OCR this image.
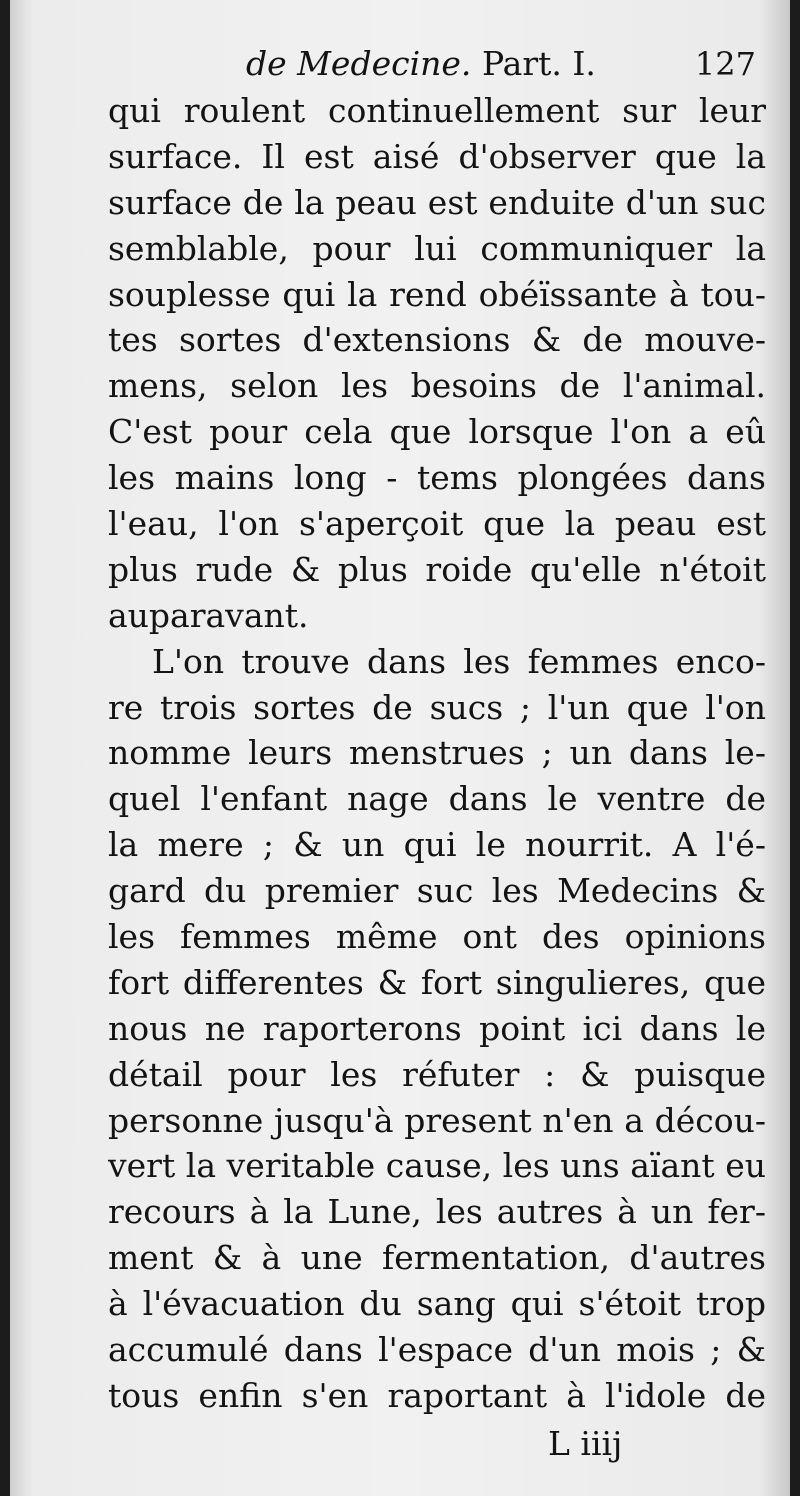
de Medecine. Part. I.	127
qui roulent continuellement sur leur
surface. Il est aisé d'observer que la
surface de la peau est enduite d'un suc
semblable, pour lui communiquer la
souplesse qui la rend obéïssante à tou-
tes sortes d'extensions & de mouve-
mens, selon les besoins de l'animal.
C'est pour cela que lorsque l'on a eû
les mains long - tems plongées dans
l'eau, l'on s'aperçoit que la peau est
plus rude & plus roide qu'elle n'étoit
auparavant.
L'on trouve dans les femmes enco-
re trois sortes de sucs ; l'un que l'on
nomme leurs menstrues ; un dans le-
quel l'enfant nage dans le ventre de
la mere ; & un qui le nourrit. A l'é-
gard du premier suc les Medecins &
les femmes même ont des opinions
fort differentes & fort singulieres, que
nous ne raporterons point ici dans le
détail pour les réfuter : & puisque
personne jusqu'à present n'en a décou-
vert la veritable cause, les uns aïant eu
recours à la Lune, les autres à un fer-
ment & à une fermentation, d'autres
à l'évacuation du sang qui s'étoit trop
accumulé dans l'espace d'un mois ; &
tous enfin s'en raportant à l'idole de
L iiij
